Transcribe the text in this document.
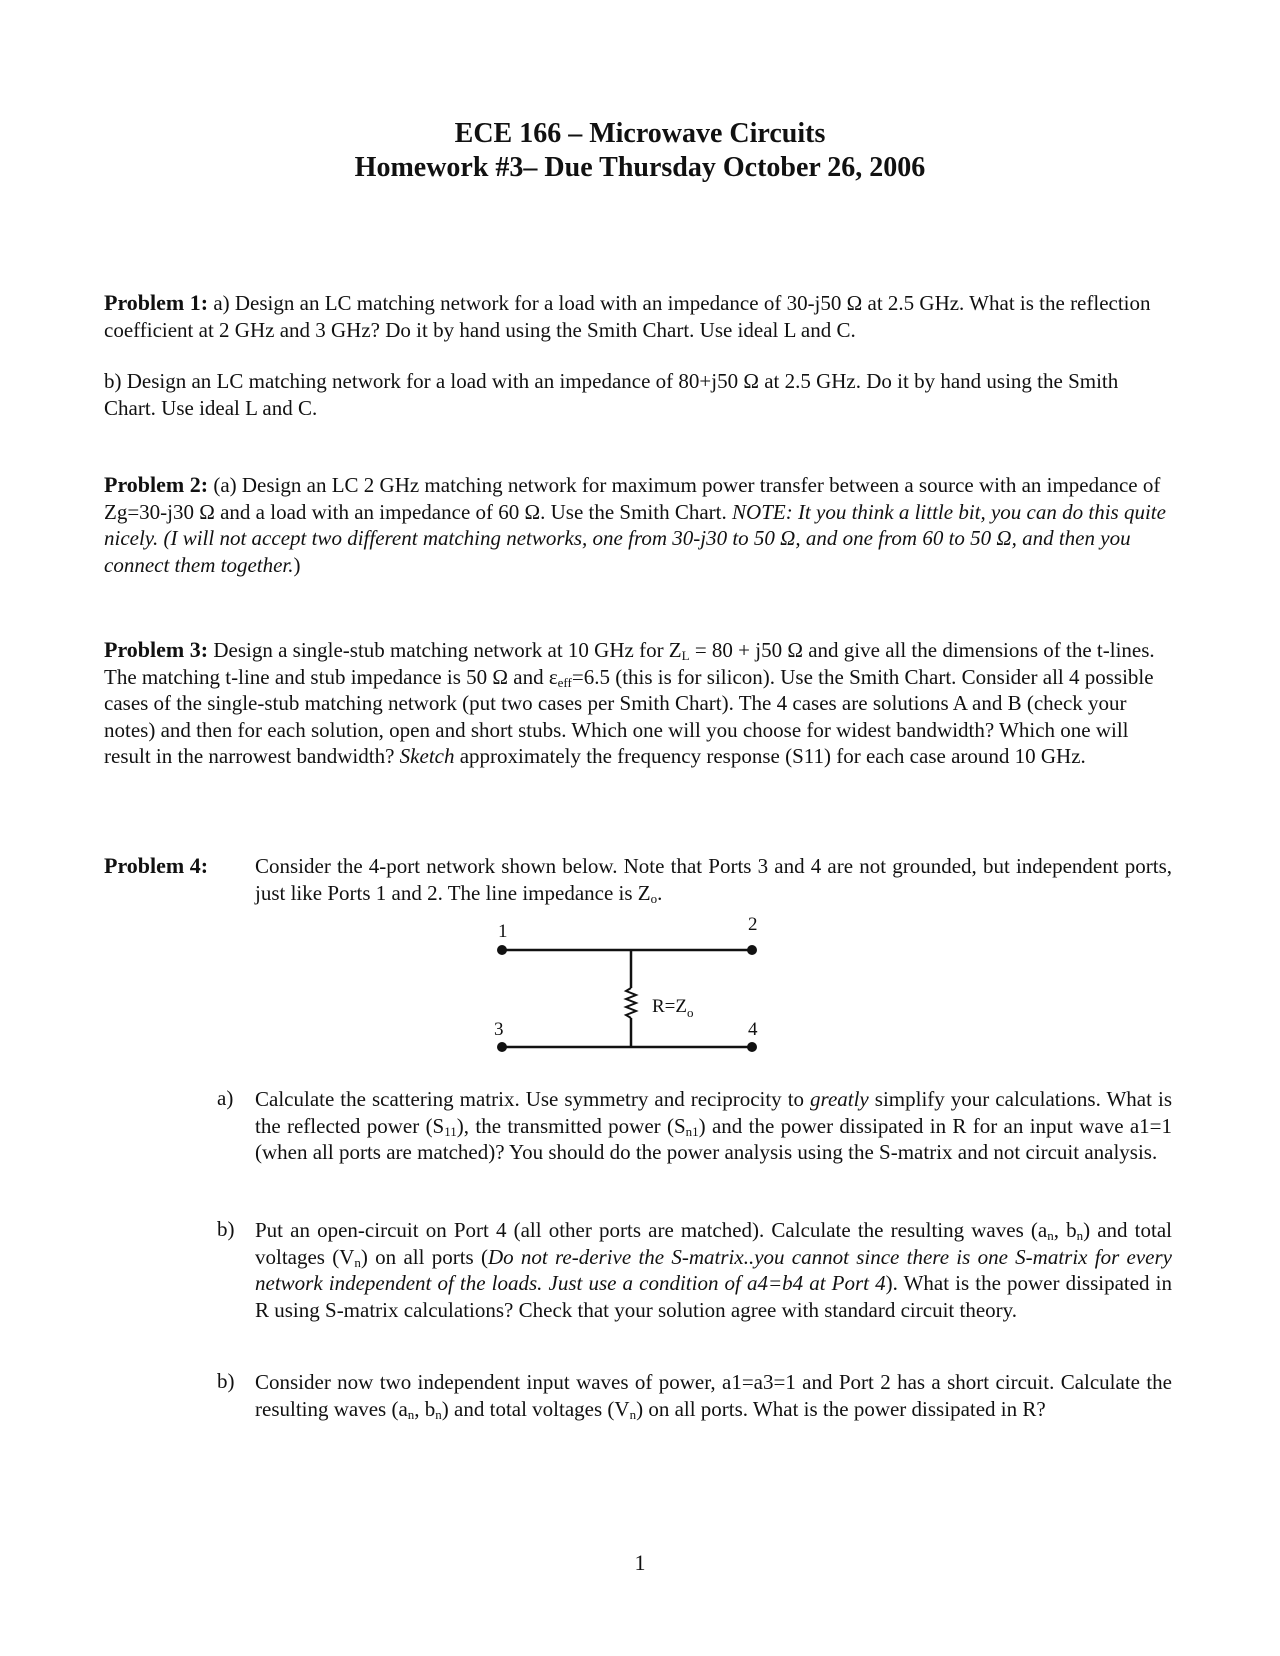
ECE 166 – Microwave Circuits
Homework #3– Due Thursday October 26, 2006

Problem 1: a) Design an LC matching network for a load with an impedance of 30-j50 Ω at 2.5 GHz. What is the reflection coefficient at 2 GHz and 3 GHz? Do it by hand using the Smith Chart. Use ideal L and C.

b) Design an LC matching network for a load with an impedance of 80+j50 Ω at 2.5 GHz. Do it by hand using the Smith Chart. Use ideal L and C.

Problem 2: (a) Design an LC 2 GHz matching network for maximum power transfer between a source with an impedance of Zg=30-j30 Ω and a load with an impedance of 60 Ω. Use the Smith Chart. NOTE: It you think a little bit, you can do this quite nicely. (I will not accept two different matching networks, one from 30-j30 to 50 Ω, and one from 60 to 50 Ω, and then you connect them together.)

Problem 3: Design a single-stub matching network at 10 GHz for $Z_L = 80 + j50$ Ω and give all the dimensions of the t-lines. The matching t-line and stub impedance is 50 Ω and $\varepsilon_{eff}=6.5$ (this is for silicon). Use the Smith Chart. Consider all 4 possible cases of the single-stub matching network (put two cases per Smith Chart). The 4 cases are solutions A and B (check your notes) and then for each solution, open and short stubs. Which one will you choose for widest bandwidth? Which one will result in the narrowest bandwidth? Sketch approximately the frequency response (S11) for each case around 10 GHz.

Problem 4: Consider the 4-port network shown below. Note that Ports 3 and 4 are not grounded, but independent ports, just like Ports 1 and 2. The line impedance is $Z_o$.
1	2
3	4
$R=Z_o$
a) Calculate the scattering matrix. Use symmetry and reciprocity to greatly simplify your calculations. What is the reflected power $(S_{11})$, the transmitted power $(S_{n1})$ and the power dissipated in R for an input wave a1=1 (when all ports are matched)? You should do the power analysis using the S-matrix and not circuit analysis.
b) Put an open-circuit on Port 4 (all other ports are matched). Calculate the resulting waves ($a_n$, $b_n$) and total voltages $(V_n)$ on all ports (Do not re-derive the S-matrix..you cannot since there is one S-matrix for every network independent of the loads. Just use a condition of a4=b4 at Port 4). What is the power dissipated in R using S-matrix calculations? Check that your solution agree with standard circuit theory.
b) Consider now two independent input waves of power, a1=a3=1 and Port 2 has a short circuit. Calculate the resulting waves ($a_n$, $b_n$) and total voltages $(V_n)$ on all ports. What is the power dissipated in R?
1
